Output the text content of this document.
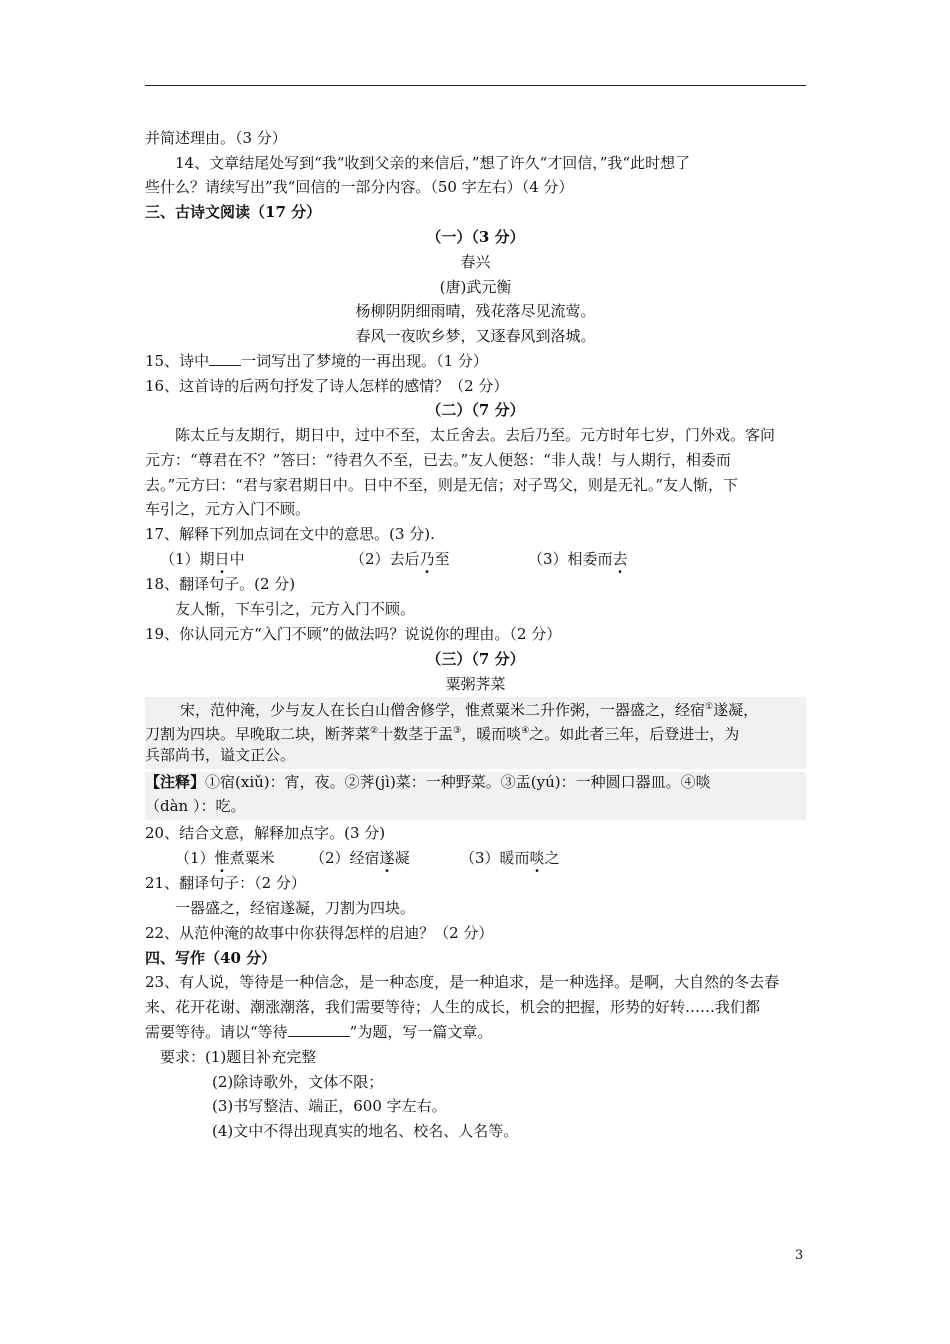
并简述理由。（3 分）
14、文章结尾处写到“我“收到父亲的来信后，”想了许久“才回信，”我“此时想了
些什么？请续写出”我“回信的一部分内容。（50 字左右）（4 分）
三、古诗文阅读（17 分）
（一）（3 分）
春兴
(唐)武元衡
杨柳阴阴细雨晴，残花落尽见流莺。
春风一夜吹乡梦，又逐春风到洛城。
15、诗中 一词写出了梦境的一再出现。（1 分）
16、这首诗的后两句抒发了诗人怎样的感情？（2 分）
（二）（7 分）
陈太丘与友期行，期日中，过中不至，太丘舍去。去后乃至。元方时年七岁，门外戏。客问
元方：“尊君在不？”答曰：“待君久不至，已去。”友人便怒：“非人哉！与人期行，相委而
去。”元方曰：“君与家君期日中。日中不至，则是无信；对子骂父，则是无礼。”友人惭，下
车引之，元方入门不顾。
17、解释下列加点词在文中的意思。(3 分).
（1）期日中	（2）去后乃至	（3）相委而去
18、翻译句子。(2 分)
友人惭，下车引之，元方入门不顾。
19、你认同元方“入门不顾”的做法吗？说说你的理由。（2 分）
（三）（7 分）
粟粥荠菜
宋，范仲淹，少与友人在长白山僧舍修学，惟煮粟米二升作粥，一器盛之，经宿①遂凝，
刀割为四块。早晚取二块，断荠菜②十数茎于盂③，暖而啖④之。如此者三年，后登进士，为
兵部尚书，谥文正公。
【注释】①宿(xiǔ)：宵，夜。②荠(jì)菜：一种野菜。③盂(yú)：一种圆口器皿。④啖
（dàn ）：吃。
20、结合文意，解释加点字。(3 分)
（1）惟煮粟米 （2）经宿遂凝	（3）暖而啖之
21、翻译句子：（2 分）
一器盛之，经宿遂凝，刀割为四块。
22、从范仲淹的故事中你获得怎样的启迪？（2 分）
四、写作（40 分）
23、有人说，等待是一种信念，是一种态度，是一种追求，是一种选择。是啊，大自然的冬去春
来、花开花谢、潮涨潮落，我们需要等待；人生的成长，机会的把握，形势的好转……我们都
需要等待。请以“等待	”为题，写一篇文章。
要求：(1)题目补充完整
(2)除诗歌外，文体不限；
(3)书写整洁、端正，600 字左右。
(4)文中不得出现真实的地名、校名、人名等。
3
